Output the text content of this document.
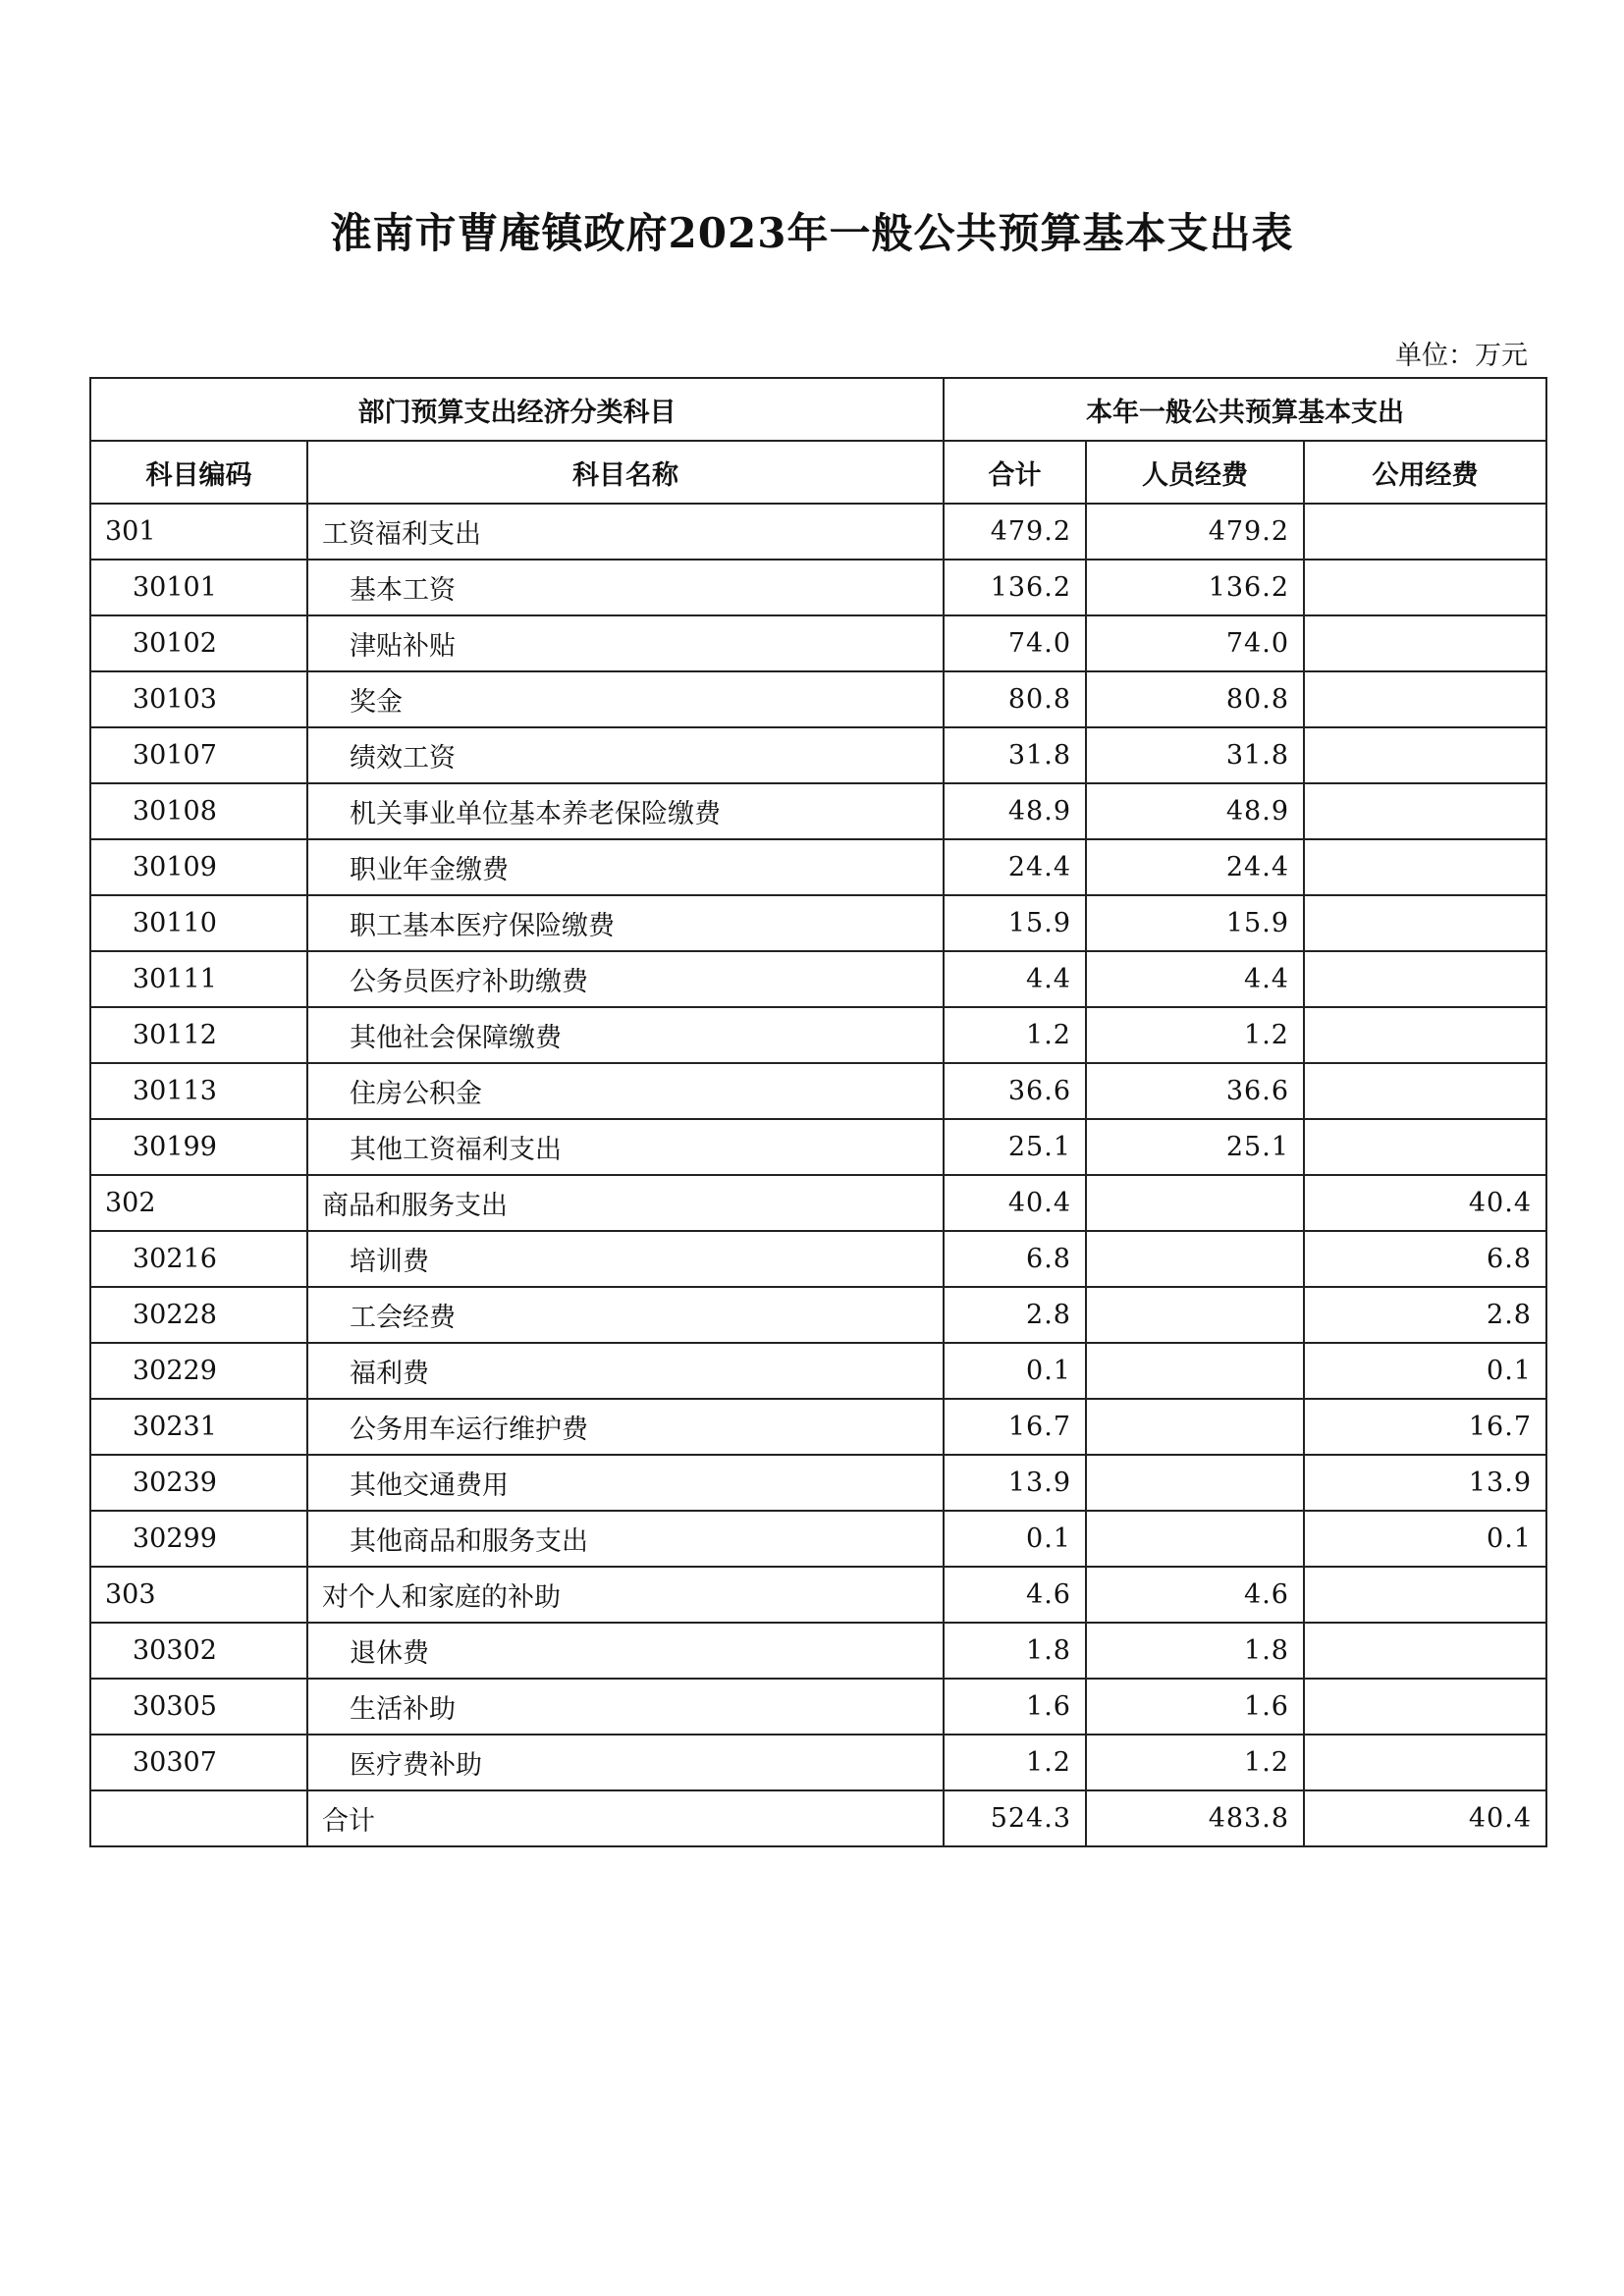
淮南市曹庵镇政府2023年一般公共预算基本支出表
单位：万元
部门预算支出经济分类科目		本年一般公共预算基本支出		
科目编码	科目名称	合计	人员经费	公用经费
301	工资福利支出	479.2	479.2	
30101	基本工资	136.2	136.2	
30102	津贴补贴	74.0	74.0	
30103	奖金	80.8	80.8	
30107	绩效工资	31.8	31.8	
30108	机关事业单位基本养老保险缴费	48.9	48.9	
30109	职业年金缴费	24.4	24.4	
30110	职工基本医疗保险缴费	15.9	15.9	
30111	公务员医疗补助缴费	4.4	4.4	
30112	其他社会保障缴费	1.2	1.2	
30113	住房公积金	36.6	36.6	
30199	其他工资福利支出	25.1	25.1	
302	商品和服务支出	40.4		40.4
30216	培训费	6.8		6.8
30228	工会经费	2.8		2.8
30229	福利费	0.1		0.1
30231	公务用车运行维护费	16.7		16.7
30239	其他交通费用	13.9		13.9
30299	其他商品和服务支出	0.1		0.1
303	对个人和家庭的补助	4.6	4.6	
30302	退休费	1.8	1.8	
30305	生活补助	1.6	1.6	
30307	医疗费补助	1.2	1.2	
	合计	524.3	483.8	40.4
